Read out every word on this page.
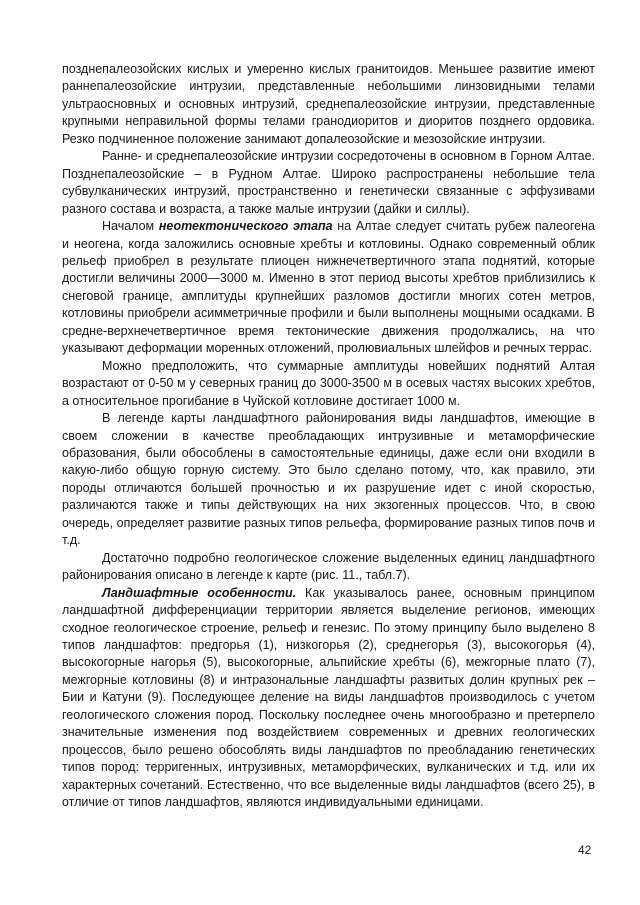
позднепалеозойских кислых и умеренно кислых гранитоидов. Меньшее развитие имеют раннепалеозойские интрузии, представленные небольшими линзовидными телами ультраосновных и основных интрузий, среднепалеозойские интрузии, представленные крупными неправильной формы телами гранодиоритов и диоритов позднего ордовика. Резко подчиненное положение занимают допалеозойские и мезозойские интрузии.

Ранне- и среднепалеозойские интрузии сосредоточены в основном в Горном Алтае. Позднепалеозойские – в Рудном Алтае. Широко распространены небольшие тела субвулканических интрузий, пространственно и генетически связанные с эффузивами разного состава и возраста, а также малые интрузии (дайки и силлы).

Началом неотектонического этапа на Алтае следует считать рубеж палеогена и неогена, когда заложились основные хребты и котловины. Однако современный облик рельеф приобрел в результате плиоцен нижнечетвертичного этапа поднятий, которые достигли величины 2000—3000 м. Именно в этот период высоты хребтов приблизились к снеговой границе, амплитуды крупнейших разломов достигли многих сотен метров, котловины приобрели асимметричные профили и были выполнены мощными осадками. В средне-верхнечетвертичное время тектонические движения продолжались, на что указывают деформации моренных отложений, пролювиальных шлейфов и речных террас.

Можно предположить, что суммарные амплитуды новейших поднятий Алтая возрастают от 0-50 м у северных границ до 3000-3500 м в осевых частях высоких хребтов, а относительное прогибание в Чуйской котловине достигает 1000 м.

В легенде карты ландшафтного районирования виды ландшафтов, имеющие в своем сложении в качестве преобладающих интрузивные и метаморфические образования, были обособлены в самостоятельные единицы, даже если они входили в какую-либо общую горную систему. Это было сделано потому, что, как правило, эти породы отличаются большей прочностью и их разрушение идет с иной скоростью, различаются также и типы действующих на них экзогенных процессов. Что, в свою очередь, определяет развитие разных типов рельефа, формирование разных типов почв и т.д.

Достаточно подробно геологическое сложение выделенных единиц ландшафтного районирования описано в легенде к карте (рис. 11., табл.7).

Ландшафтные особенности. Как указывалось ранее, основным принципом ландшафтной дифференциации территории является выделение регионов, имеющих сходное геологическое строение, рельеф и генезис. По этому принципу было выделено 8 типов ландшафтов: предгорья (1), низкогорья (2), среднегорья (3), высокогорья (4), высокогорные нагорья (5), высокогорные, альпийские хребты (6), межгорные плато (7), межгорные котловины (8) и интразональные ландшафты развитых долин крупных рек – Бии и Катуни (9). Последующее деление на виды ландшафтов производилось с учетом геологического сложения пород. Поскольку последнее очень многообразно и претерпело значительные изменения под воздействием современных и древних геологических процессов, было решено обособлять виды ландшафтов по преобладанию генетических типов пород: терригенных, интрузивных, метаморфических, вулканических и т.д. или их характерных сочетаний. Естественно, что все выделенные виды ландшафтов (всего 25), в отличие от типов ландшафтов, являются индивидуальными единицами.

42
